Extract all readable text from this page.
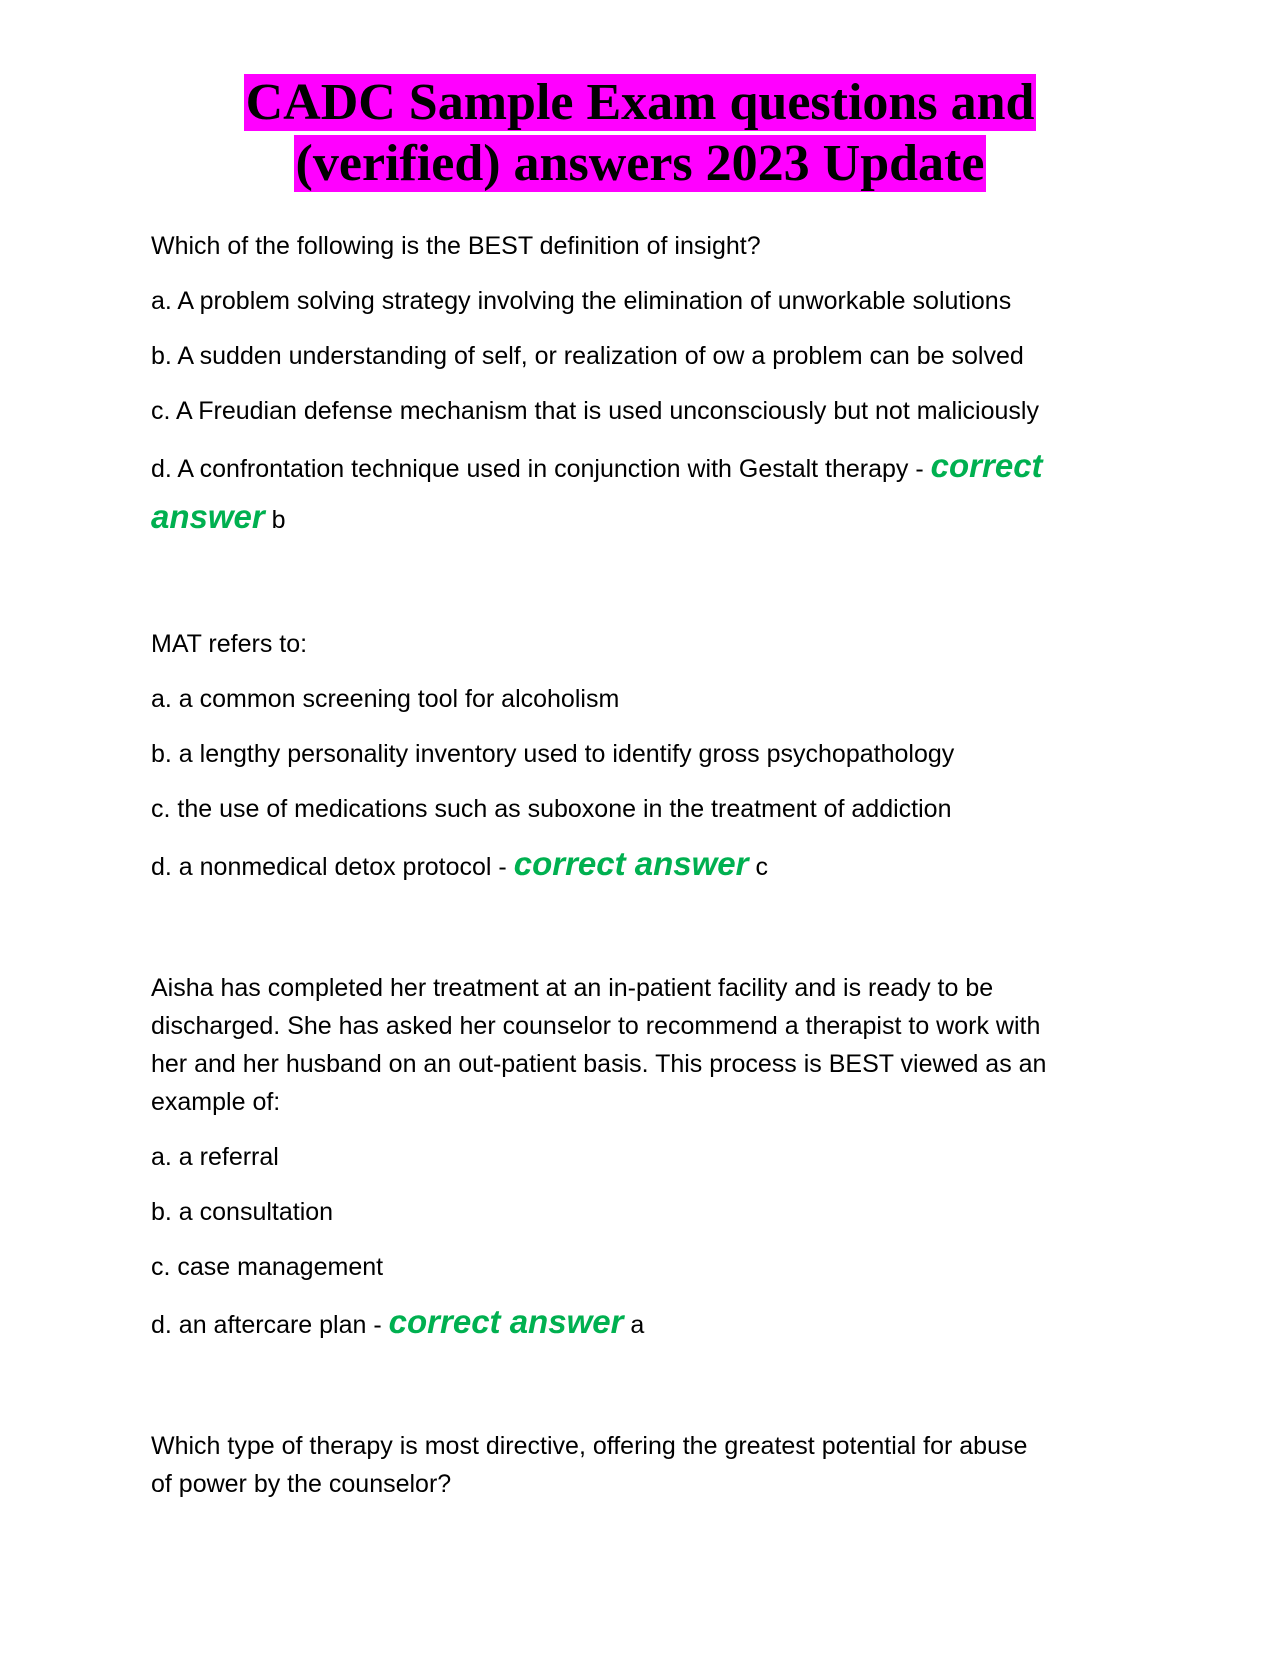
CADC Sample Exam questions and
(verified) answers 2023 Update

Which of the following is the BEST definition of insight?

a. A problem solving strategy involving the elimination of unworkable solutions

b. A sudden understanding of self, or realization of ow a problem can be solved

c. A Freudian defense mechanism that is used unconsciously but not maliciously

d. A confrontation technique used in conjunction with Gestalt therapy - correct
answer b

MAT refers to:

a. a common screening tool for alcoholism

b. a lengthy personality inventory used to identify gross psychopathology

c. the use of medications such as suboxone in the treatment of addiction

d. a nonmedical detox protocol - correct answer c

Aisha has completed her treatment at an in-patient facility and is ready to be

discharged. She has asked her counselor to recommend a therapist to work with

her and her husband on an out-patient basis. This process is BEST viewed as an

example of:

a. a referral

b. a consultation

c. case management

d. an aftercare plan - correct answer a

Which type of therapy is most directive, offering the greatest potential for abuse

of power by the counselor?
